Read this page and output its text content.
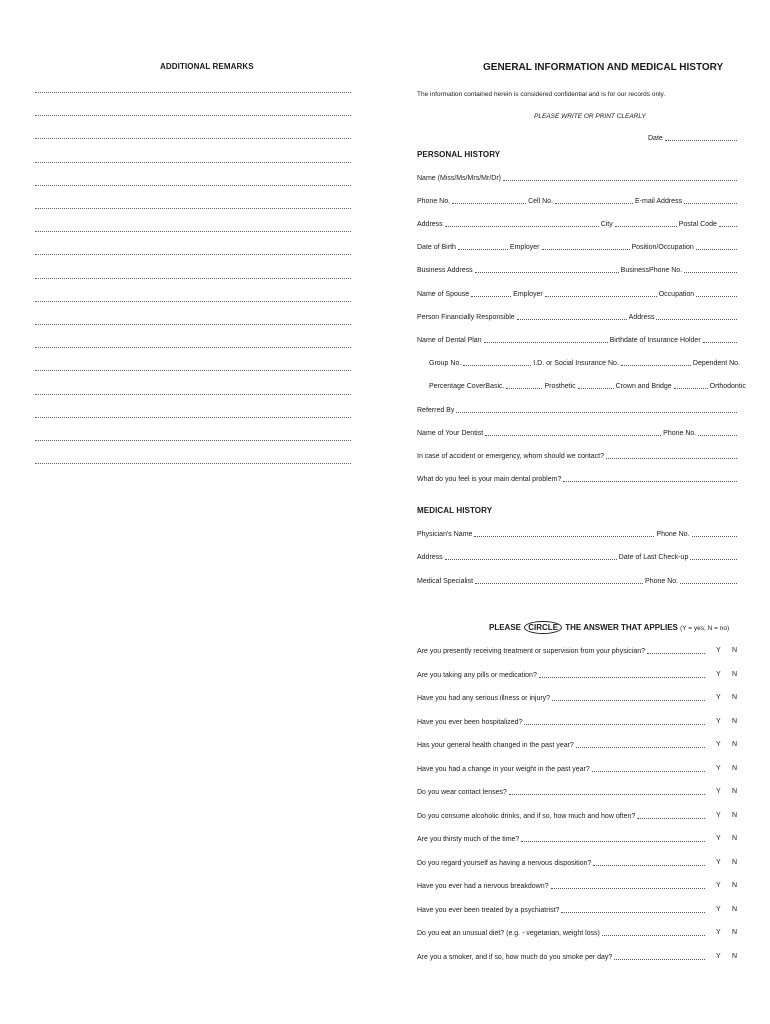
ADDITIONAL REMARKS	GENERAL INFORMATION AND MEDICAL HISTORY
The information contained herein is considered confidential and is for our records only.
PLEASE WRITE OR PRINT CLEARLY
Date
PERSONAL HISTORY
Name (Miss/Ms/Mrs/Mr/Dr)
Phone No.	Cell No.	E-mail Address
Address	City	Postal Code
Date of Birth	Employer	Position/Occupation
Business Address	BusinessPhone No.
Name of Spouse	Employer	Occupation
Person Financially Responsible	Address
Name of Dental Plan	Birthdate of Insurance Holder
Group No.	I.D. or Social Insurance No.	Dependent No.
Percentage Cover Basic.	Prosthetic	Crown and Bridge	Orthodontic
Referred By
Name of Your Dentist	Phone No.
In case of accident or emergency, whom should we contact?
What do you feel is your main dental problem?
MEDICAL HISTORY
Physician's Name	Phone No.
Address	Date of Last Check-up
Medical Specialist	Phone No.
PLEASE CIRCLE THE ANSWER THAT APPLIES (Y = yes; N = no)
Are you presently receiving treatment or supervision from your physician?	Y N
Are you taking any pills or medication?	Y N
Have you had any serious illness or injury?	Y N
Have you ever been hospitalized?	Y N
Has your general health changed in the past year?	Y N
Have you had a change in your weight in the past year?	Y N
Do you wear contact lenses?	Y N
Do you consume alcoholic drinks, and if so, how much and how often?	Y N
Are you thirsty much of the time?	Y N
Do you regard yourself as having a nervous disposition?	Y N
Have you ever had a nervous breakdown?	Y N
Have you ever been treated by a psychiatrist?	Y N
Do you eat an unusual diet? (e.g. - vegetarian, weight loss)	Y N
Are you a smoker, and if so, how much do you smoke per day?	Y N
